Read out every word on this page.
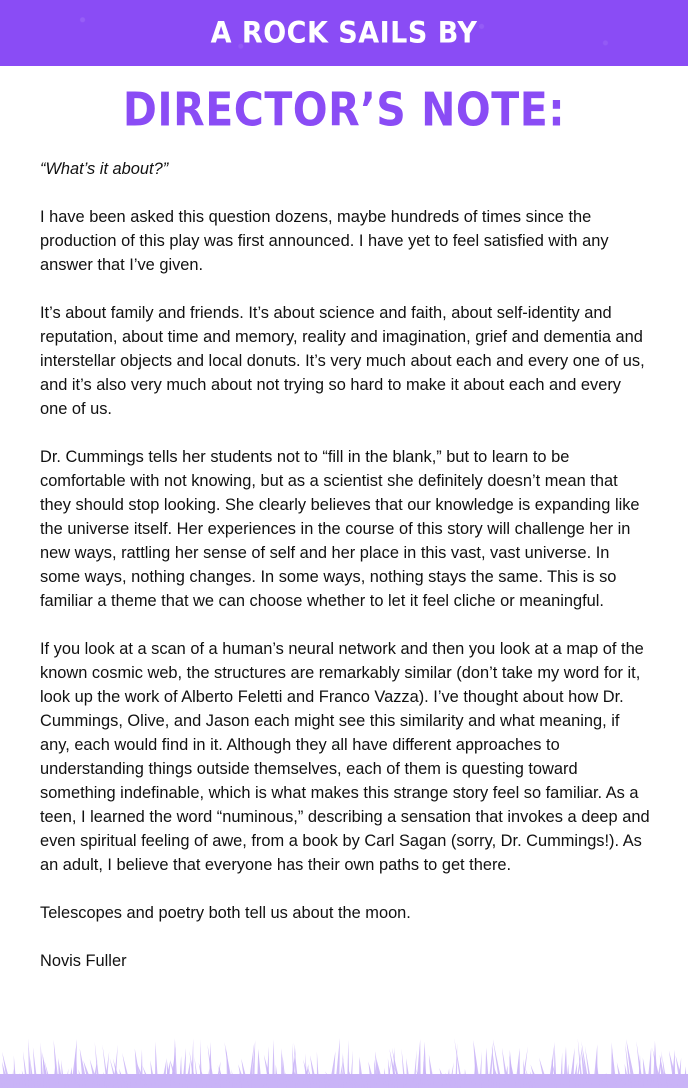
A ROCK SAILS BY
DIRECTOR’S NOTE:

“What’s it about?”

I have been asked this question dozens, maybe hundreds of times since the production of this play was first announced. I have yet to feel satisfied with any answer that I’ve given.

It’s about family and friends. It’s about science and faith, about self-identity and reputation, about time and memory, reality and imagination, grief and dementia and interstellar objects and local donuts. It’s very much about each and every one of us, and it’s also very much about not trying so hard to make it about each and every one of us.

Dr. Cummings tells her students not to “fill in the blank,” but to learn to be comfortable with not knowing, but as a scientist she definitely doesn’t mean that they should stop looking. She clearly believes that our knowledge is expanding like the universe itself. Her experiences in the course of this story will challenge her in new ways, rattling her sense of self and her place in this vast, vast universe. In some ways, nothing changes. In some ways, nothing stays the same. This is so familiar a theme that we can choose whether to let it feel cliche or meaningful.

If you look at a scan of a human’s neural network and then you look at a map of the known cosmic web, the structures are remarkably similar (don’t take my word for it, look up the work of Alberto Feletti and Franco Vazza). I’ve thought about how Dr. Cummings, Olive, and Jason each might see this similarity and what meaning, if any, each would find in it. Although they all have different approaches to understanding things outside themselves, each of them is questing toward something indefinable, which is what makes this strange story feel so familiar. As a teen, I learned the word “numinous,” describing a sensation that invokes a deep and even spiritual feeling of awe, from a book by Carl Sagan (sorry, Dr. Cummings!). As an adult, I believe that everyone has their own paths to get there.

Telescopes and poetry both tell us about the moon.

Novis Fuller
